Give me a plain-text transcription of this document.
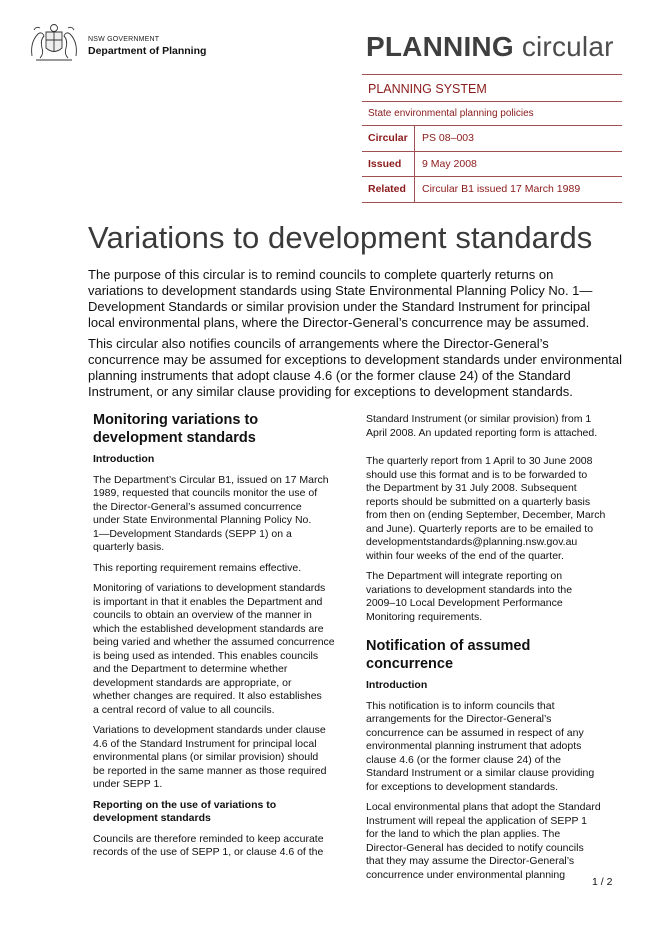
NSW GOVERNMENT
Department of Planning	PLANNING circular
PLANNING SYSTEM
State environmental planning policies
Circular	PS 08–003
Issued	9 May 2008
Related	Circular B1 issued 17 March 1989
Variations to development standards

The purpose of this circular is to remind councils to complete quarterly returns on
variations to development standards using State Environmental Planning Policy No. 1—
Development Standards or similar provision under the Standard Instrument for principal
local environmental plans, where the Director-General’s concurrence may be assumed.

This circular also notifies councils of arrangements where the Director-General’s
concurrence may be assumed for exceptions to development standards under environmental
planning instruments that adopt clause 4.6 (or the former clause 24) of the Standard
Instrument, or any similar clause providing for exceptions to development standards.

Monitoring variations to
development standards
Introduction

The Department’s Circular B1, issued on 17 March
1989, requested that councils monitor the use of
the Director-General’s assumed concurrence
under State Environmental Planning Policy No.
1—Development Standards (SEPP 1) on a
quarterly basis.

This reporting requirement remains effective.

Monitoring of variations to development standards
is important in that it enables the Department and
councils to obtain an overview of the manner in
which the established development standards are
being varied and whether the assumed concurrence
is being used as intended. This enables councils
and the Department to determine whether
development standards are appropriate, or
whether changes are required. It also establishes
a central record of value to all councils.

Variations to development standards under clause
4.6 of the Standard Instrument for principal local
environmental plans (or similar provision) should
be reported in the same manner as those required
under SEPP 1.

Reporting on the use of variations to
development standards

Councils are therefore reminded to keep accurate
records of the use of SEPP 1, or clause 4.6 of the

Standard Instrument (or similar provision) from 1
April 2008. An updated reporting form is attached.

The quarterly report from 1 April to 30 June 2008
should use this format and is to be forwarded to
the Department by 31 July 2008. Subsequent
reports should be submitted on a quarterly basis
from then on (ending September, December, March
and June). Quarterly reports are to be emailed to
developmentstandards@planning.nsw.gov.au
within four weeks of the end of the quarter.

The Department will integrate reporting on
variations to development standards into the
2009–10 Local Development Performance
Monitoring requirements.

Notification of assumed concurrence
Introduction

This notification is to inform councils that
arrangements for the Director-General’s
concurrence can be assumed in respect of any
environmental planning instrument that adopts
clause 4.6 (or the former clause 24) of the
Standard Instrument or a similar clause providing
for exceptions to development standards.

Local environmental plans that adopt the Standard
Instrument will repeal the application of SEPP 1
for the land to which the plan applies. The
Director-General has decided to notify councils
that they may assume the Director-General’s
concurrence under environmental planning

1 / 2
